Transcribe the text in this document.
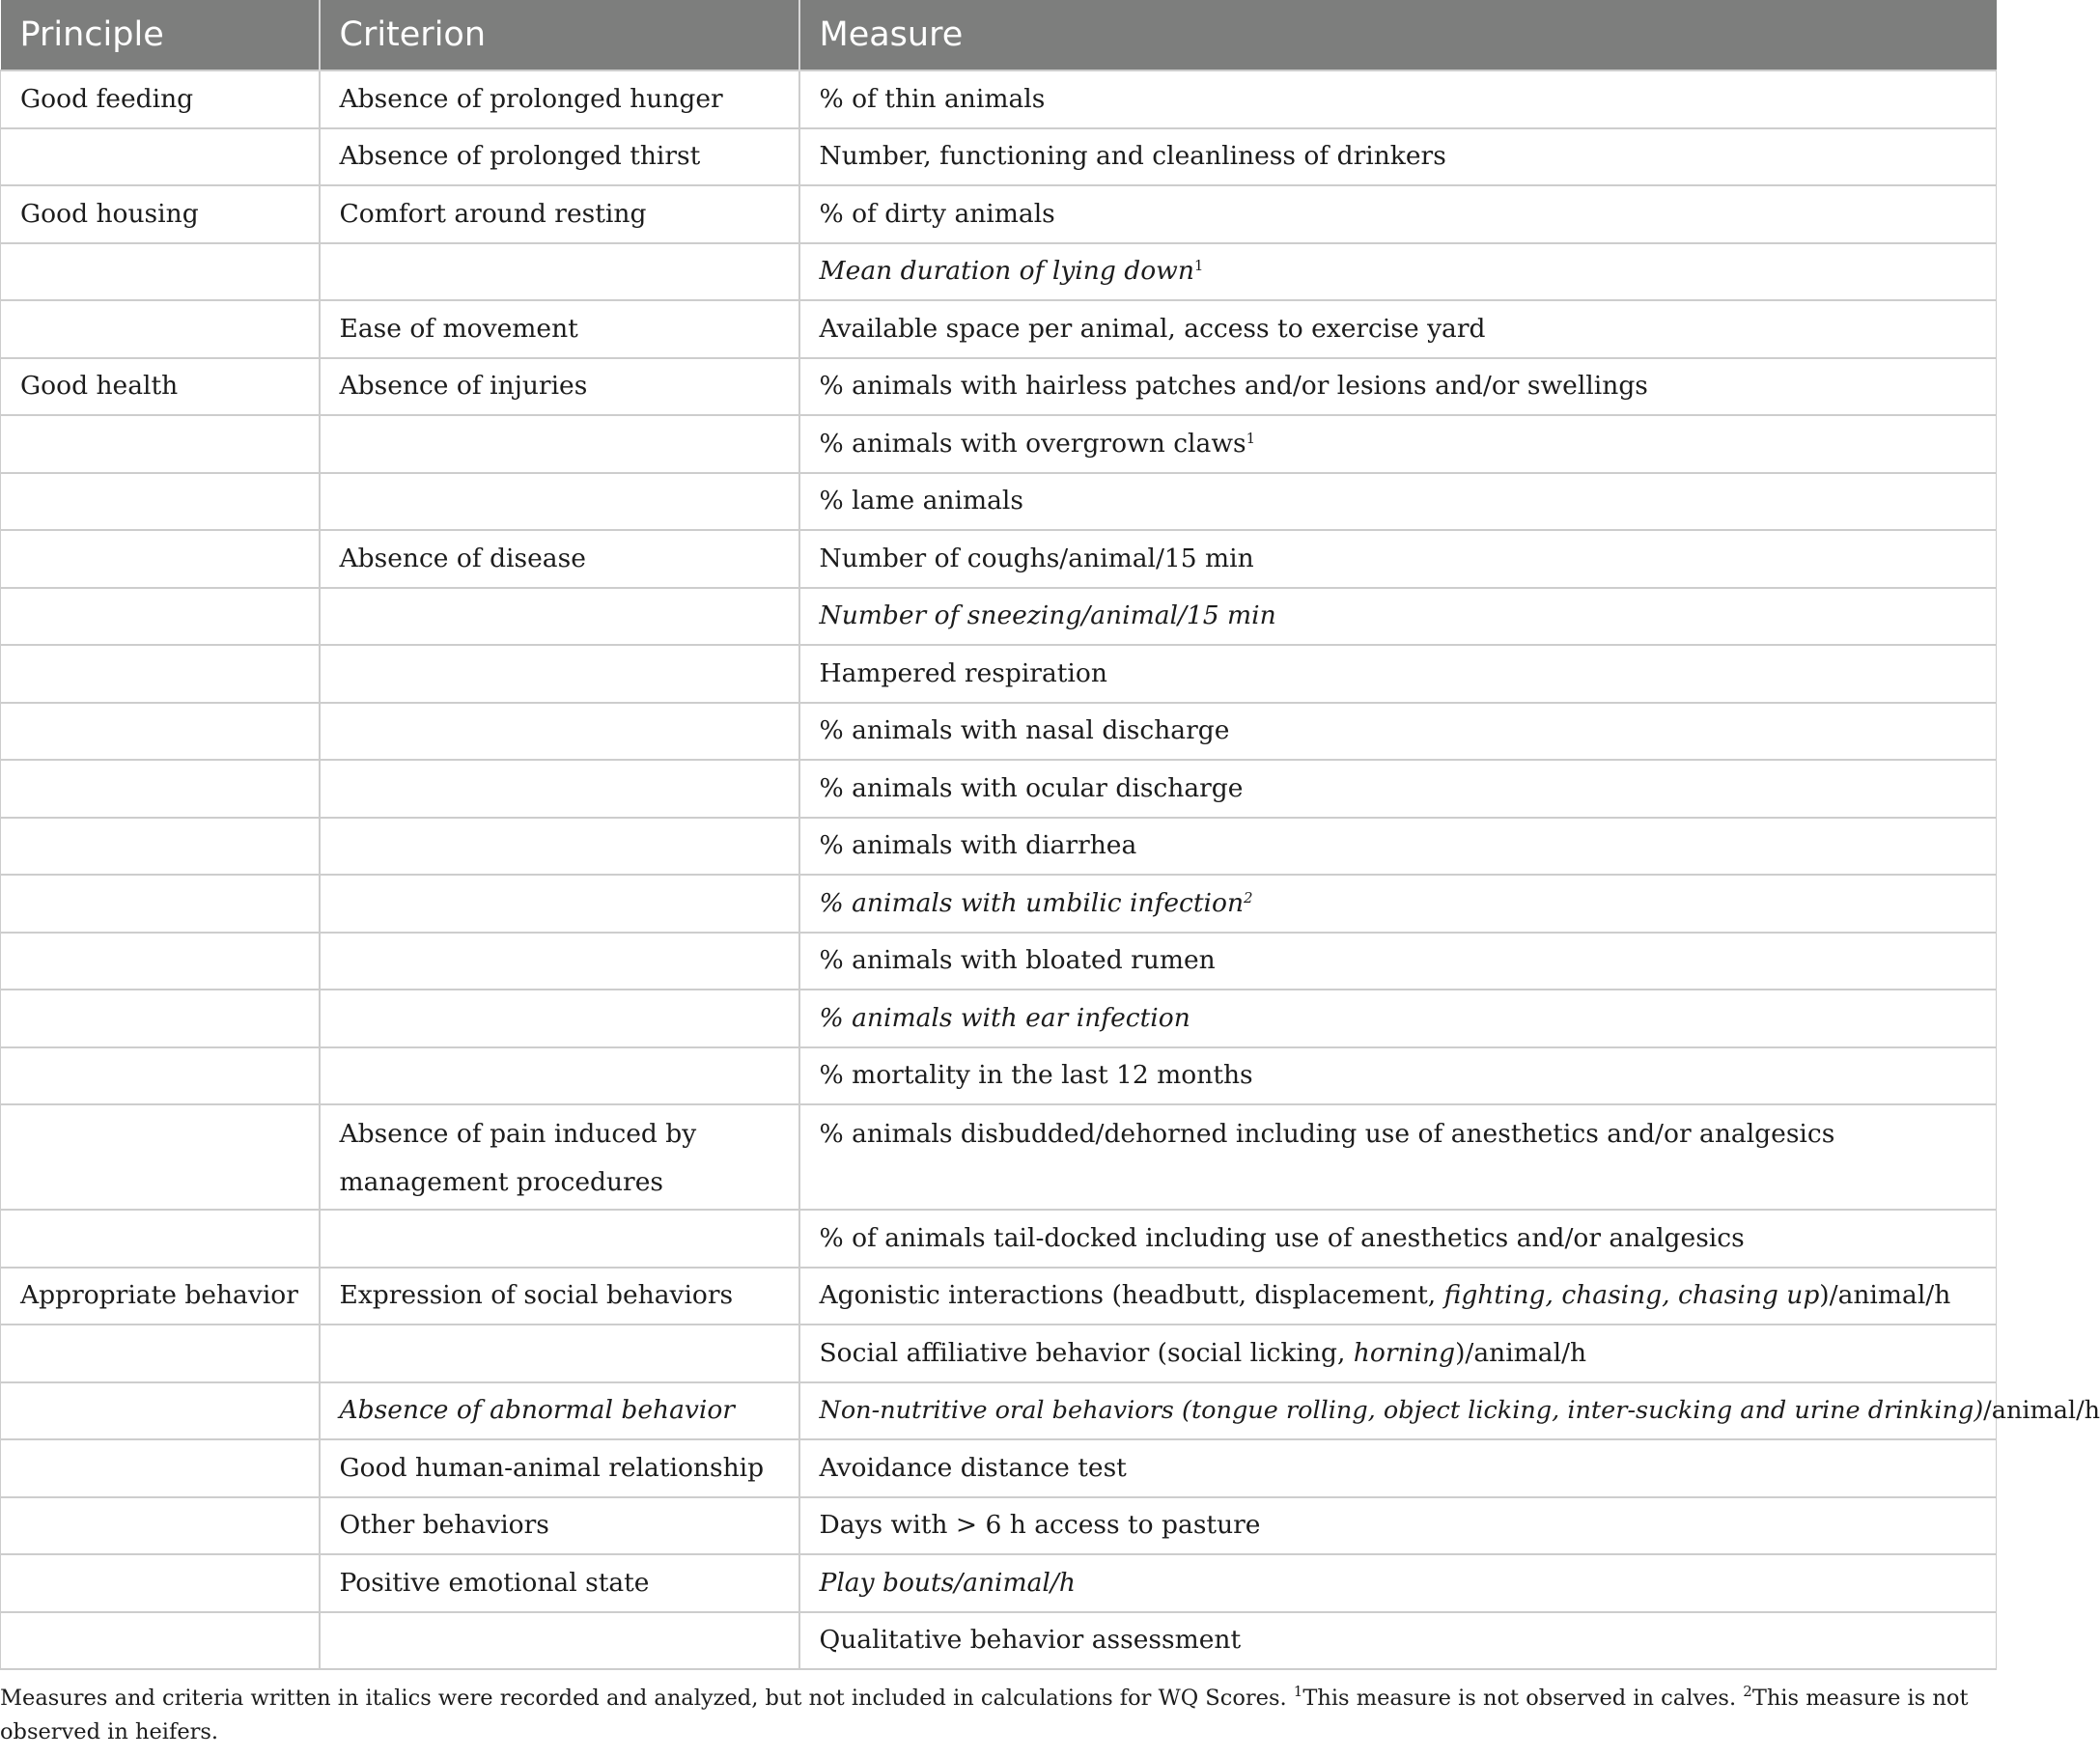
Principle	Criterion	Measure
Good feeding	Absence of prolonged hunger	% of thin animals
	Absence of prolonged thirst	Number, functioning and cleanliness of drinkers
Good housing	Comfort around resting	% of dirty animals
		Mean duration of lying down$^1$
	Ease of movement	Available space per animal, access to exercise yard
Good health	Absence of injuries	% animals with hairless patches and/or lesions and/or swellings
		% animals with overgrown claws$^1$
		% lame animals
	Absence of disease	Number of coughs/animal/15 min
		Number of sneezing/animal/15 min
		Hampered respiration
		% animals with nasal discharge
		% animals with ocular discharge
		% animals with diarrhea
		% animals with umbilic infection$^2$
		% animals with bloated rumen
		% animals with ear infection
		% mortality in the last 12 months
	Absence of pain induced by management procedures	% animals disbudded/dehorned including use of anesthetics and/or analgesics
		% of animals tail-docked including use of anesthetics and/or analgesics
Appropriate behavior	Expression of social behaviors	Agonistic interactions (headbutt, displacement, fighting, chasing, chasing up)/animal/h
		Social affiliative behavior (social licking, horning)/animal/h
	Absence of abnormal behavior	Non-nutritive oral behaviors (tongue rolling, object licking, inter-sucking and urine drinking)/animal/h
	Good human-animal relationship	Avoidance distance test
	Other behaviors	Days with > 6 h access to pasture
	Positive emotional state	Play bouts/animal/h
		Qualitative behavior assessment
Measures and criteria written in italics were recorded and analyzed, but not included in calculations for WQ Scores. $^1$This measure is not observed in calves. $^2$This measure is not observed in heifers.
